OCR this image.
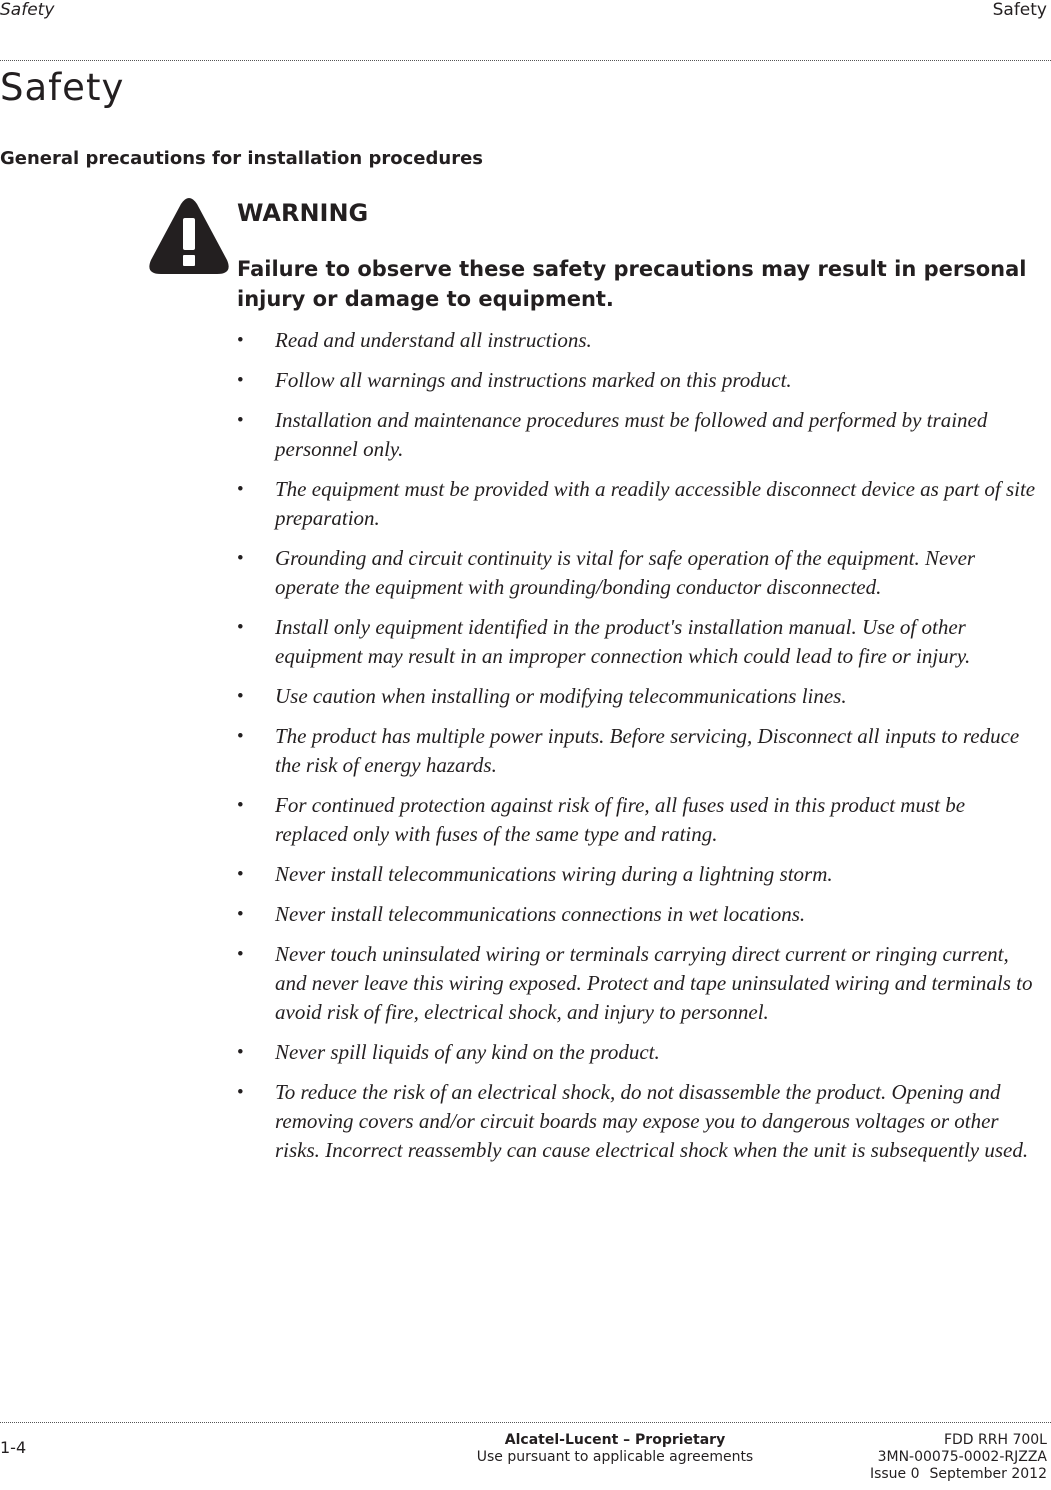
Safety	Safety
Safety
General precautions for installation procedures
WARNING
Failure to observe these safety precautions may result in personal injury or damage to equipment.
• Read and understand all instructions.
• Follow all warnings and instructions marked on this product.
• Installation and maintenance procedures must be followed and performed by trained personnel only.
• The equipment must be provided with a readily accessible disconnect device as part of site preparation.
• Grounding and circuit continuity is vital for safe operation of the equipment. Never operate the equipment with grounding/bonding conductor disconnected.
• Install only equipment identified in the product's installation manual. Use of other equipment may result in an improper connection which could lead to fire or injury.
• Use caution when installing or modifying telecommunications lines.
• The product has multiple power inputs. Before servicing, Disconnect all inputs to reduce the risk of energy hazards.
• For continued protection against risk of fire, all fuses used in this product must be replaced only with fuses of the same type and rating.
• Never install telecommunications wiring during a lightning storm.
• Never install telecommunications connections in wet locations.
• Never touch uninsulated wiring or terminals carrying direct current or ringing current, and never leave this wiring exposed. Protect and tape uninsulated wiring and terminals to avoid risk of fire, electrical shock, and injury to personnel.
• Never spill liquids of any kind on the product.
• To reduce the risk of an electrical shock, do not disassemble the product. Opening and removing covers and/or circuit boards may expose you to dangerous voltages or other risks. Incorrect reassembly can cause electrical shock when the unit is subsequently used.
1-4	Alcatel-Lucent – Proprietary
Use pursuant to applicable agreements
FDD RRH 700L
3MN-00075-0002-RJZZA
Issue 0 September 2012
